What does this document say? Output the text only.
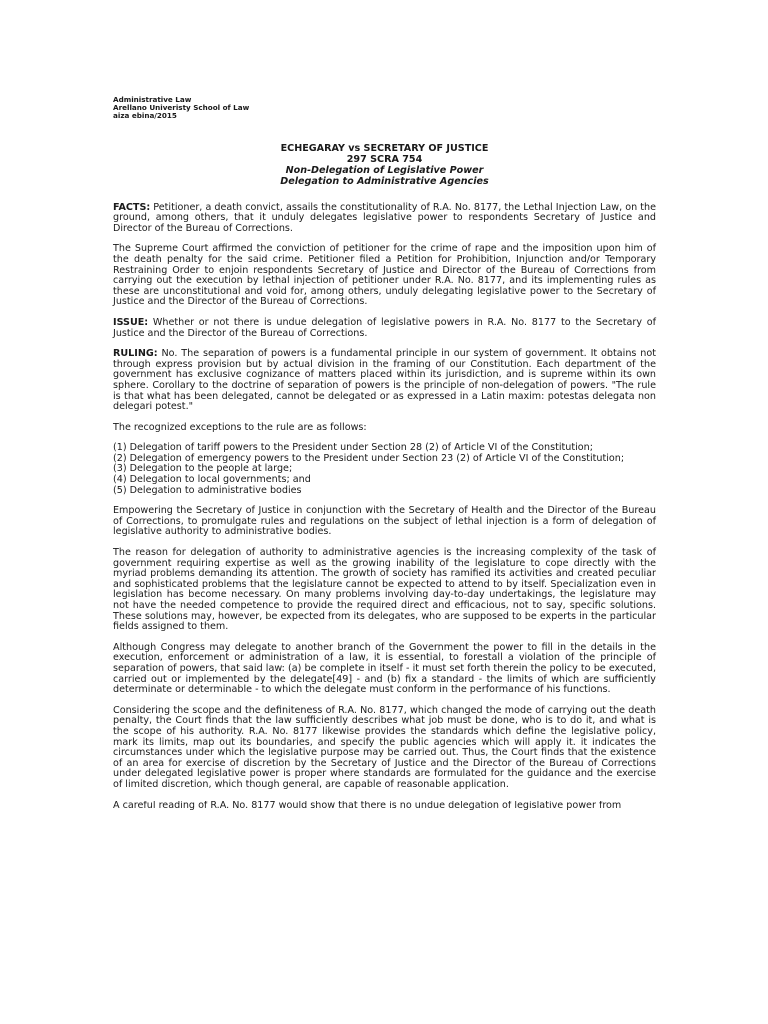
Administrative Law
Arellano Univeristy School of Law
aiza ebina/2015
ECHEGARAY vs SECRETARY OF JUSTICE
297 SCRA 754
Non-Delegation of Legislative Power
Delegation to Administrative Agencies

FACTS: Petitioner, a death convict, assails the constitutionality of R.A. No. 8177, the Lethal Injection Law, on the ground, among others, that it unduly delegates legislative power to respondents Secretary of Justice and Director of the Bureau of Corrections.

The Supreme Court affirmed the conviction of petitioner for the crime of rape and the imposition upon him of the death penalty for the said crime. Petitioner filed a Petition for Prohibition, Injunction and/or Temporary Restraining Order to enjoin respondents Secretary of Justice and Director of the Bureau of Corrections from carrying out the execution by lethal injection of petitioner under R.A. No. 8177, and its implementing rules as these are unconstitutional and void for, among others, unduly delegating legislative power to the Secretary of Justice and the Director of the Bureau of Corrections.

ISSUE: Whether or not there is undue delegation of legislative powers in R.A. No. 8177 to the Secretary of Justice and the Director of the Bureau of Corrections.

RULING: No. The separation of powers is a fundamental principle in our system of government. It obtains not through express provision but by actual division in the framing of our Constitution. Each department of the government has exclusive cognizance of matters placed within its jurisdiction, and is supreme within its own sphere. Corollary to the doctrine of separation of powers is the principle of non-delegation of powers. "The rule is that what has been delegated, cannot be delegated or as expressed in a Latin maxim: potestas delegata non delegari potest."

The recognized exceptions to the rule are as follows:

(1) Delegation of tariff powers to the President under Section 28 (2) of Article VI of the Constitution;
(2) Delegation of emergency powers to the President under Section 23 (2) of Article VI of the Constitution;
(3) Delegation to the people at large;
(4) Delegation to local governments; and
(5) Delegation to administrative bodies

Empowering the Secretary of Justice in conjunction with the Secretary of Health and the Director of the Bureau of Corrections, to promulgate rules and regulations on the subject of lethal injection is a form of delegation of legislative authority to administrative bodies.

The reason for delegation of authority to administrative agencies is the increasing complexity of the task of government requiring expertise as well as the growing inability of the legislature to cope directly with the myriad problems demanding its attention. The growth of society has ramified its activities and created peculiar and sophisticated problems that the legislature cannot be expected to attend to by itself. Specialization even in legislation has become necessary. On many problems involving day-to-day undertakings, the legislature may not have the needed competence to provide the required direct and efficacious, not to say, specific solutions. These solutions may, however, be expected from its delegates, who are supposed to be experts in the particular fields assigned to them.

Although Congress may delegate to another branch of the Government the power to fill in the details in the execution, enforcement or administration of a law, it is essential, to forestall a violation of the principle of separation of powers, that said law: (a) be complete in itself - it must set forth therein the policy to be executed, carried out or implemented by the delegate[49] - and (b) fix a standard - the limits of which are sufficiently determinate or determinable - to which the delegate must conform in the performance of his functions.

Considering the scope and the definiteness of R.A. No. 8177, which changed the mode of carrying out the death penalty, the Court finds that the law sufficiently describes what job must be done, who is to do it, and what is the scope of his authority. R.A. No. 8177 likewise provides the standards which define the legislative policy, mark its limits, map out its boundaries, and specify the public agencies which will apply it. it indicates the circumstances under which the legislative purpose may be carried out. Thus, the Court finds that the existence of an area for exercise of discretion by the Secretary of Justice and the Director of the Bureau of Corrections under delegated legislative power is proper where standards are formulated for the guidance and the exercise of limited discretion, which though general, are capable of reasonable application.

A careful reading of R.A. No. 8177 would show that there is no undue delegation of legislative power from
